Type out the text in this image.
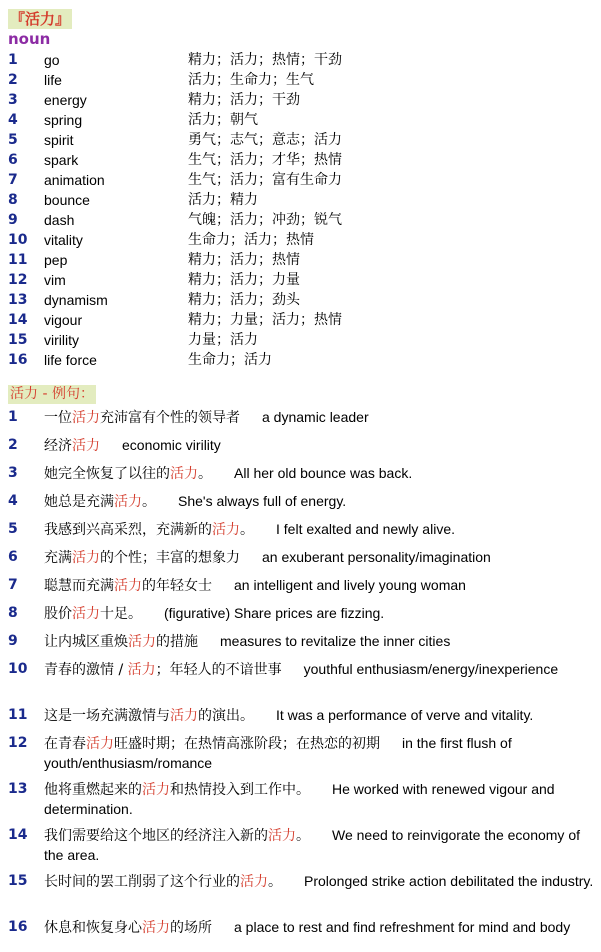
『活力』
noun
1 go	精力；活力；热情；干劲
2 life	活力；生命力；生气
3 energy	精力；活力；干劲
4 spring	活力；朝气
5 spirit	勇气；志气；意志；活力
6 spark	生气；活力；才华；热情
7 animation	生气；活力；富有生命力
8 bounce	活力；精力
9 dash	气魄；活力；冲劲；锐气
10 vitality	生命力；活力；热情
11 pep	精力；活力；热情
12 vim	精力；活力；力量
13 dynamism	精力；活力；劲头
14 vigour	精力；力量；活力；热情
15 virility	力量；活力
16 life force	生命力；活力
活力 - 例句：
1 一位活力充沛富有个性的领导者 a dynamic leader
2 经济活力 economic virility
3 她完全恢复了以往的活力。 All her old bounce was back.
4 她总是充满活力。 She's always full of energy.
5 我感到兴高采烈，充满新的活力。 I felt exalted and newly alive.
6 充满活力的个性；丰富的想象力 an exuberant personality/imagination
7 聪慧而充满活力的年轻女士 an intelligent and lively young woman
8 股价活力十足。 (figurative) Share prices are fizzing.
9 让内城区重焕活力的措施 measures to revitalize the inner cities
10 青春的激情 / 活力；年轻人的不谙世事 youthful enthusiasm/energy/inexperience
11 这是一场充满激情与活力的演出。 It was a performance of verve and vitality.
12 在青春活力旺盛时期；在热情高涨阶段；在热恋的初期 in the first flush of youth/enthusiasm/romance
13 他将重燃起来的活力和热情投入到工作中。 He worked with renewed vigour and determination.
14 我们需要给这个地区的经济注入新的活力。 We need to reinvigorate the economy of the area.
15 长时间的罢工削弱了这个行业的活力。 Prolonged strike action debilitated the industry.
16 休息和恢复身心活力的场所 a place to rest and find refreshment for mind and body
